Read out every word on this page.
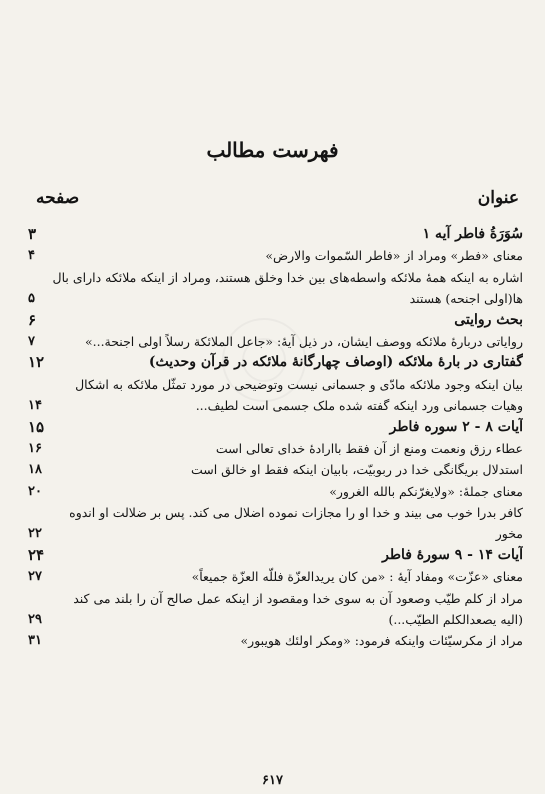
فهرست مطالب
عنوان
صفحه
سُوَرَةُ فاطر آیه ۱
۳
معنای «فطر» ومراد از «فاطر السّموات والارض»
۴
اشاره به اینکه همهٔ ملائکه واسطه‌های بین خدا وخلق هستند، ومراد از اینکه ملائکه دارای بال
ها(اولی اجنحه) هستند
۵
بحث روایتی
۶
روایاتی دربارهٔ ملائکه ووصف ایشان، در ذیل آیهٔ: «جاعل الملائکة رسلاً اولی اجنحة...»
۷
گفتاری در بارهٔ ملائکه (اوصاف چهارگانهٔ ملائکه در قرآن وحدیث)
۱۲
بیان اینکه وجود ملائکه مادّی و جسمانی نیست وتوضیحی در مورد تمثّل ملائکه به اشکال
وهیات جسمانی ورد اینکه گفته شده ملک جسمی است لطیف...
۱۴
آیات ۸ - ۲ سوره فاطر
۱۵
عطاء رزق ونعمت ومنع از آن فقط باارادهٔ خدای تعالی است
۱۶
استدلال بریگانگی خدا در ربوبیّت، بابیان اینکه فقط او خالق است
۱۸
معنای جملهٔ: «ولایغرّنکم بالله الغرور»
۲۰
کافر بدرا خوب می بیند و خدا او را مجازات نموده اضلال می کند. پس بر ضلالت او اندوه
مخور
۲۲
آیات ۱۴ - ۹ سورهٔ فاطر
۲۴
معنای «عزّت» ومفاد آیهٔ : «من کان یریدالعزّة فللّه العزّة جمیعاً»
۲۷
مراد از کلم طیّب وصعود آن به سوی خدا ومقصود از اینکه عمل صالح آن را بلند می کند
(الیه یصعدالکلم الطیّب...)
۲۹
مراد از مکرسیّئات واینکه فرمود: «ومکر اولئك هویبور»
۳۱
۶۱۷
